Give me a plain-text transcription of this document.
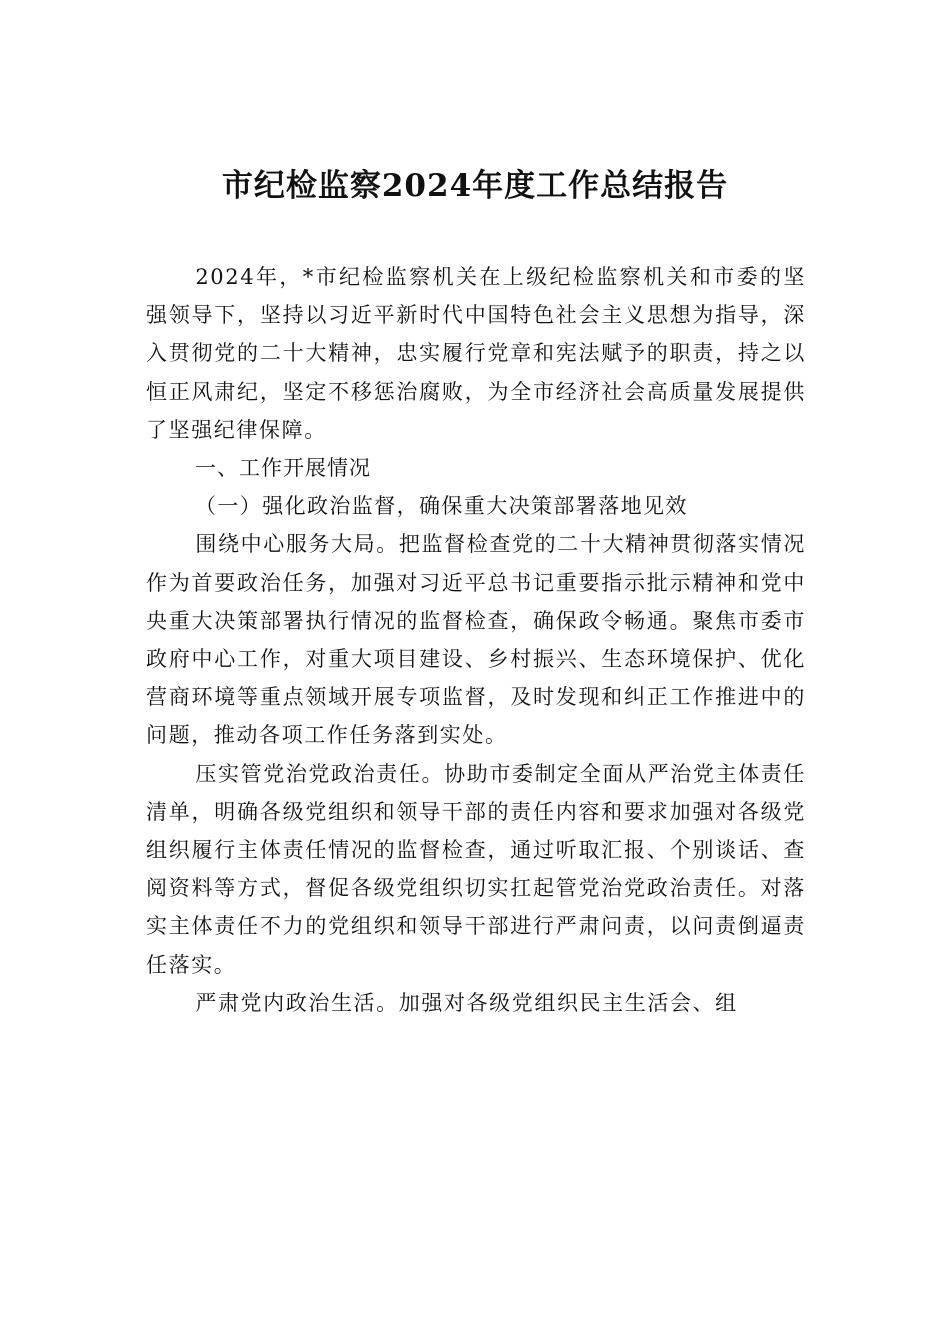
市纪检监察2024年度工作总结报告

2024年，*市纪检监察机关在上级纪检监察机关和市委的坚强领导下，坚持以习近平新时代中国特色社会主义思想为指导，深入贯彻党的二十大精神，忠实履行党章和宪法赋予的职责，持之以恒正风肃纪，坚定不移惩治腐败，为全市经济社会高质量发展提供了坚强纪律保障。

一、工作开展情况
（一）强化政治监督，确保重大决策部署落地见效

围绕中心服务大局。把监督检查党的二十大精神贯彻落实情况作为首要政治任务，加强对习近平总书记重要指示批示精神和党中央重大决策部署执行情况的监督检查，确保政令畅通。聚焦市委市政府中心工作，对重大项目建设、乡村振兴、生态环境保护、优化营商环境等重点领域开展专项监督，及时发现和纠正工作推进中的问题，推动各项工作任务落到实处。

压实管党治党政治责任。协助市委制定全面从严治党主体责任清单，明确各级党组织和领导干部的责任内容和要求加强对各级党组织履行主体责任情况的监督检查，通过听取汇报、个别谈话、查阅资料等方式，督促各级党组织切实扛起管党治党政治责任。对落实主体责任不力的党组织和领导干部进行严肃问责，以问责倒逼责任落实。

严肃党内政治生活。加强对各级党组织民主生活会、组
